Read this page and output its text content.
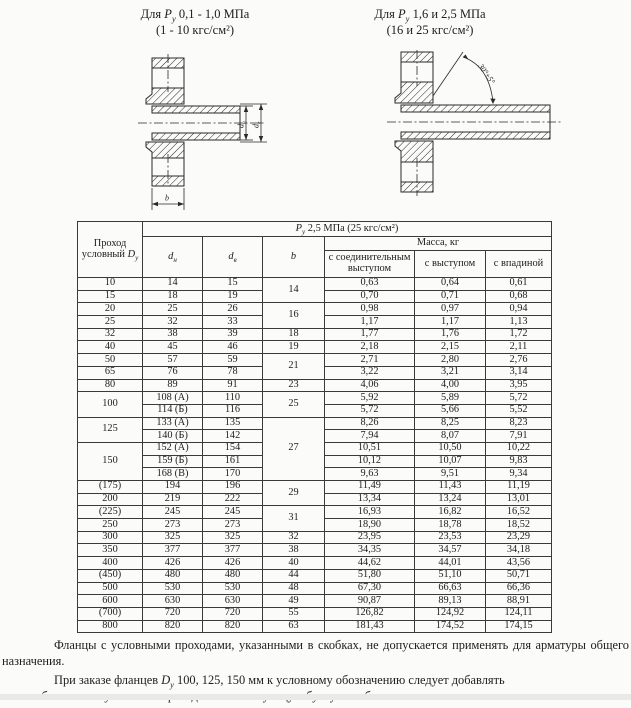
Для $P_у$ 0,1 - 1,0 МПа
(1 - 10 кгс/см²)
Для $P_у$ 1,6 и 2,5 МПа
(16 и 25 кгс/см²)
$d_н$
$d_в$
b
30°±5°
Проход
условный $D_у$	$P_у$ 2,5 МПа (25 кгс/см²)					
	$d_н$	$d_в$	b	Масса, кг		
				с соединительным выступом	с выступом	с впадиной
10	14	15	14	0,63	0,64	0,61
15	18	19		0,70	0,71	0,68
20	25	26	16	0,98	0,97	0,94
25	32	33		1,17	1,17	1,13
32	38	39	18	1,77	1,76	1,72
40	45	46	19	2,18	2,15	2,11
50	57	59	21	2,71	2,80	2,76
65	76	78		3,22	3,21	3,14
80	89	91	23	4,06	4,00	3,95
100	108 (А)	110	25	5,92	5,89	5,72
	114 (Б)	116		5,72	5,66	5,52
125	133 (А)	135	27	8,26	8,25	8,23
	140 (Б)	142		7,94	8,07	7,91
150	152 (А)	154		10,51	10,50	10,22
	159 (Б)	161		10,12	10,07	9,83
	168 (В)	170		9,63	9,51	9,34
(175)	194	196	29	11,49	11,43	11,19
200	219	222		13,34	13,24	13,01
(225)	245	245	31	16,93	16,82	16,52
250	273	273		18,90	18,78	18,52
300	325	325	32	23,95	23,53	23,29
350	377	377	38	34,35	34,57	34,18
400	426	426	40	44,62	44,01	43,56
(450)	480	480	44	51,80	51,10	50,71
500	530	530	48	67,30	66,63	66,36
600	630	630	49	90,87	89,13	88,91
(700)	720	720	55	126,82	124,92	124,11
800	820	820	63	181,43	174,52	174,15

Фланцы с условными проходами, указанными в скобках, не допускается применять для арматуры общего назначения.

При заказе фланцев $D_у$ 100, 125, 150 мм к условному обозначению следует добавлять
